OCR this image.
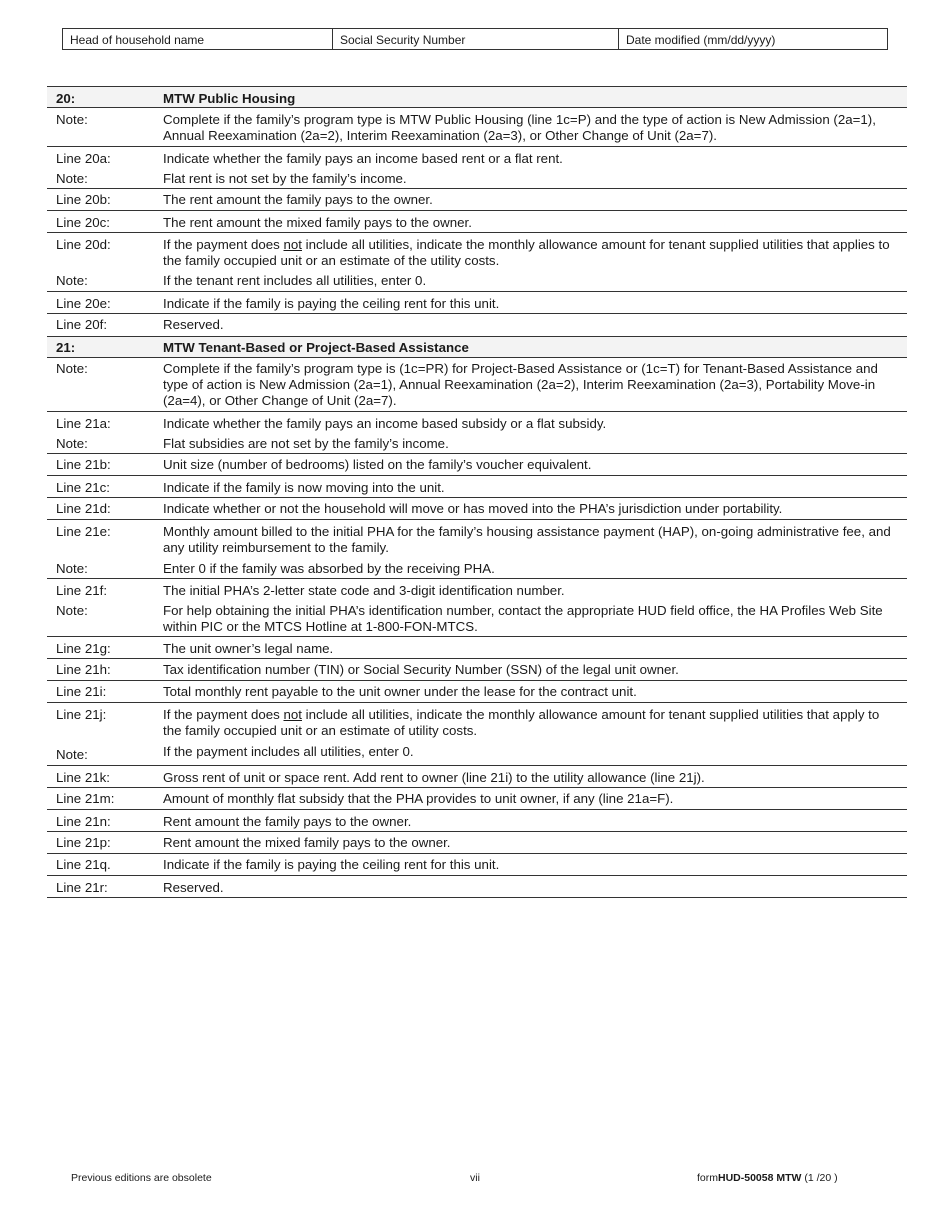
Head of household name	Social Security Number	Date modified (mm/dd/yyyy)
20:	MTW Public Housing
Note:	Complete if the family’s program type is MTW Public Housing (line 1c=P) and the type of action is New Admission (2a=1), Annual Reexamination (2a=2), Interim Reexamination (2a=3), or Other Change of Unit (2a=7).
Line 20a:	Indicate whether the family pays an income based rent or a flat rent.
Note:	Flat rent is not set by the family’s income.
Line 20b:	The rent amount the family pays to the owner.
Line 20c:	The rent amount the mixed family pays to the owner.
Line 20d:	If the payment does not include all utilities, indicate the monthly allowance amount for tenant supplied utilities that applies to the family occupied unit or an estimate of the utility costs.
Note:	If the tenant rent includes all utilities, enter 0.
Line 20e:	Indicate if the family is paying the ceiling rent for this unit.
Line 20f:	Reserved.
21:	MTW Tenant-Based or Project-Based Assistance
Note:	Complete if the family’s program type is (1c=PR) for Project-Based Assistance or (1c=T) for Tenant-Based Assistance and type of action is New Admission (2a=1), Annual Reexamination (2a=2), Interim Reexamination (2a=3), Portability Move-in (2a=4), or Other Change of Unit (2a=7).
Line 21a:	Indicate whether the family pays an income based subsidy or a flat subsidy.
Note:	Flat subsidies are not set by the family’s income.
Line 21b:	Unit size (number of bedrooms) listed on the family’s voucher equivalent.
Line 21c:	Indicate if the family is now moving into the unit.
Line 21d:	Indicate whether or not the household will move or has moved into the PHA’s jurisdiction under portability.
Line 21e:	Monthly amount billed to the initial PHA for the family’s housing assistance payment (HAP), on-going administrative fee, and any utility reimbursement to the family.
Note:	Enter 0 if the family was absorbed by the receiving PHA.
Line 21f:	The initial PHA’s 2-letter state code and 3-digit identification number.
Note:	For help obtaining the initial PHA’s identification number, contact the appropriate HUD field office, the HA Profiles Web Site within PIC or the MTCS Hotline at 1-800-FON-MTCS.
Line 21g:	The unit owner’s legal name.
Line 21h:	Tax identification number (TIN) or Social Security Number (SSN) of the legal unit owner.
Line 21i:	Total monthly rent payable to the unit owner under the lease for the contract unit.
Line 21j:	If the payment does not include all utilities, indicate the monthly allowance amount for tenant supplied utilities that apply to the family occupied unit or an estimate of utility costs.
Note:	If the payment includes all utilities, enter 0.
Line 21k:	Gross rent of unit or space rent. Add rent to owner (line 21i) to the utility allowance (line 21j).
Line 21m:	Amount of monthly flat subsidy that the PHA provides to unit owner, if any (line 21a=F).
Line 21n:	Rent amount the family pays to the owner.
Line 21p:	Rent amount the mixed family pays to the owner.
Line 21q.	Indicate if the family is paying the ceiling rent for this unit.
Line 21r:	Reserved.
Previous editions are obsolete	vii	formHUD-50058 MTW (1 /20 )
